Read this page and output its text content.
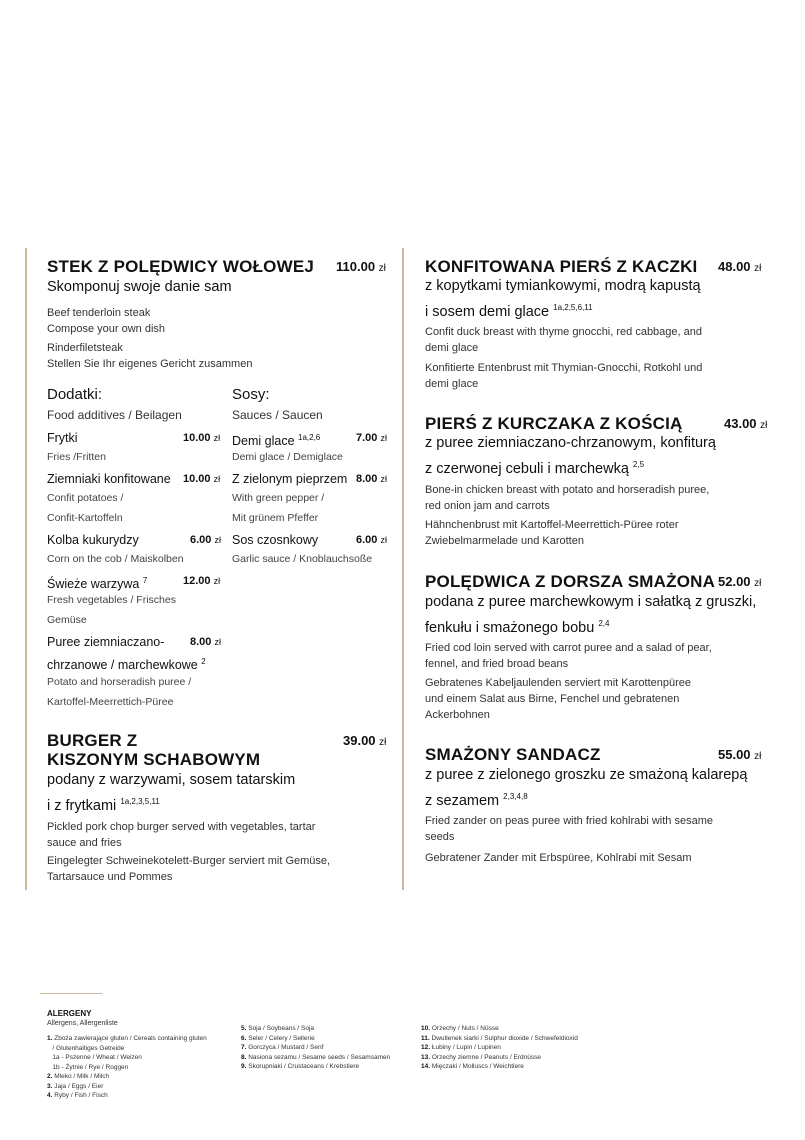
STEK Z POLĘDWICY WOŁOWEJ 110.00 zł
Skomponuj swoje danie sam
Beef tenderloin steak
Compose your own dish
Rinderfiletsteak
Stellen Sie Ihr eigenes Gericht zusammen
Dodatki:
Food additives / Beilagen
Frytki	10.00 zł
Fries /Fritten
Ziemniaki konfitowane 10.00 zł
Confit potatoes /
Confit-Kartoffeln
Kolba kukurydzy	6.00 zł
Corn on the cob / Maiskolben
Świeże warzywa $^7$	12.00 zł
Fresh vegetables / Frisches
Gemüse
Puree ziemniaczano-
chrzanowe / marchewkowe $^2$
8.00 zł
Potato and horseradish puree /
Kartoffel-Meerrettich-Püree
Sosy:
Sauces / Saucen
Demi glace $^{1a,2,6}$	7.00 zł
Demi glace / Demiglace
Z zielonym pieprzem 8.00 zł
With green pepper /
Mit grünem Pfeffer
Sos czosnkowy	6.00 zł
Garlic sauce / Knoblauchsoße
BURGER Z
KISZONYM SCHABOWYM
39.00 zł
podany z warzywami, sosem tatarskim
i z frytkami $^{1a,2,3,5,11}$
Pickled pork chop burger served with vegetables, tartar
sauce and fries
Eingelegter Schweinekotelett-Burger serviert mit Gemüse,
Tartarsauce und Pommes
KONFITOWANA PIERŚ Z KACZKI 48.00 zł
z kopytkami tymiankowymi, modrą kapustą
i sosem demi glace $^{1a,2,5,6,11}$
Confit duck breast with thyme gnocchi, red cabbage, and
demi glace
Konfitierte Entenbrust mit Thymian-Gnocchi, Rotkohl und
demi glace
PIERŚ Z KURCZAKA Z KOŚCIĄ	43.00 zł
z puree ziemniaczano-chrzanowym, konfiturą
z czerwonej cebuli i marchewką $^{2,5}$
Bone-in chicken breast with potato and horseradish puree,
red onion jam and carrots
Hähnchenbrust mit Kartoffel-Meerrettich-Püree roter
Zwiebelmarmelade und Karotten
POLĘDWICA Z DORSZA SMAŻONA 52.00 zł
podana z puree marchewkowym i sałatką z gruszki,
fenkułu i smażonego bobu $^{2,4}$
Fried cod loin served with carrot puree and a salad of pear,
fennel, and fried broad beans
Gebratenes Kabeljaulenden serviert mit Karottenpüree
und einem Salat aus Birne, Fenchel und gebratenen
Ackerbohnen
SMAŻONY SANDACZ	55.00 zł
z puree z zielonego groszku ze smażoną kalarepą
z sezamem $^{2,3,4,8}$
Fried zander on peas puree with fried kohlrabi with sesame
seeds
Gebratener Zander mit Erbspüree, Kohlrabi mit Sesam
ALERGENY
Allergens, Allergenliste
1. Zboża zawierające gluten / Cereals containing gluten
/ Glutenhaltiges Getreide
1a - Pszenne / Wheat / Weizen
1b - Żytnie / Rye / Roggen
2. Mleko / Milk / Milch
3. Jaja / Eggs / Eier
4. Ryby / Fish / Fisch
5. Soja / Soybeans / Soja
6. Seler / Celery / Sellerie
7. Gorczyca / Mustard / Senf
8. Nasiona sezamu / Sesame seeds / Sesamsamen
9. Skorupniaki / Crustaceans / Krebstiere
10. Orzechy / Nuts / Nüsse
11. Dwutlenek siarki / Sulphur dioxide / Schwefeldioxid
12. Łubiny / Lupin / Lupinen
13. Orzechy ziemne / Peanuts / Erdnüsse
14. Mięczaki / Molluscs / Weichtiere
